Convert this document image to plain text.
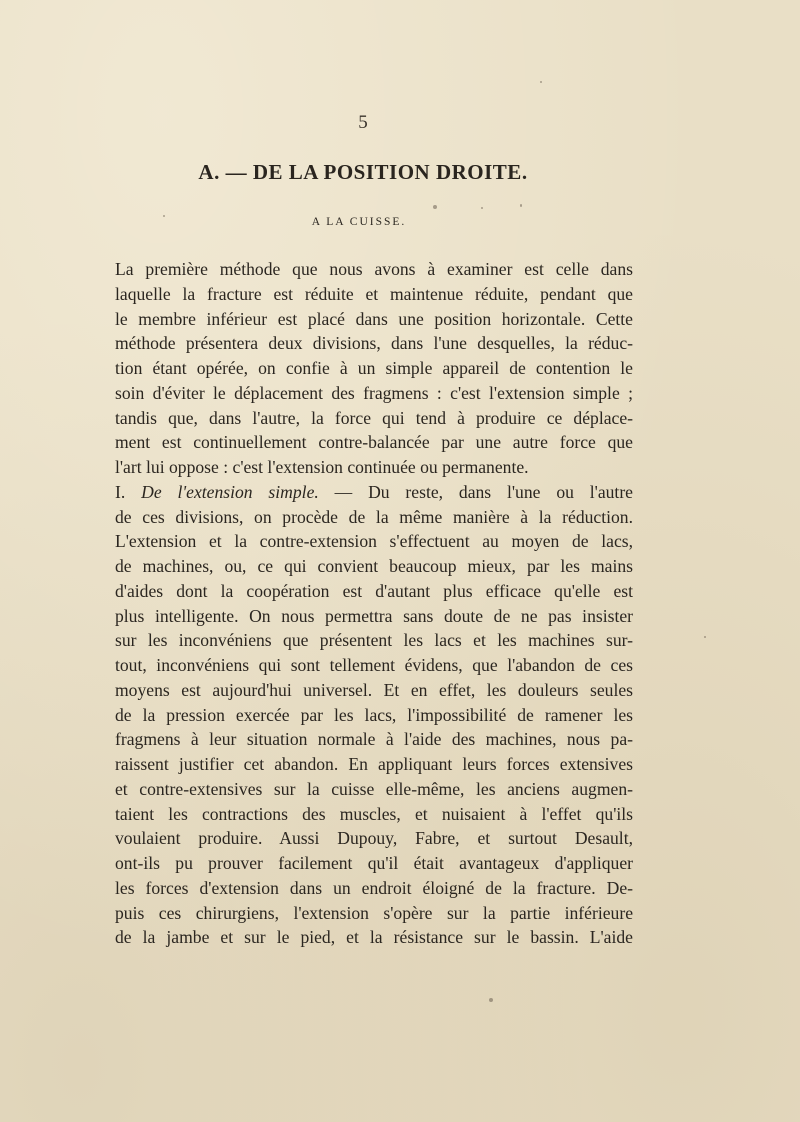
5
A. — DE LA POSITION DROITE.
A LA CUISSE.
La première méthode que nous avons à examiner est celle dans
laquelle la fracture est réduite et maintenue réduite, pendant que
le membre inférieur est placé dans une position horizontale. Cette
méthode présentera deux divisions, dans l'une desquelles, la réduc-
tion étant opérée, on confie à un simple appareil de contention le
soin d'éviter le déplacement des fragmens : c'est l'extension simple ;
tandis que, dans l'autre, la force qui tend à produire ce déplace-
ment est continuellement contre-balancée par une autre force que
l'art lui oppose : c'est l'extension continuée ou permanente.
I. De l'extension simple. — Du reste, dans l'une ou l'autre
de ces divisions, on procède de la même manière à la réduction.
L'extension et la contre-extension s'effectuent au moyen de lacs,
de machines, ou, ce qui convient beaucoup mieux, par les mains
d'aides dont la coopération est d'autant plus efficace qu'elle est
plus intelligente. On nous permettra sans doute de ne pas insister
sur les inconvéniens que présentent les lacs et les machines sur-
tout, inconvéniens qui sont tellement évidens, que l'abandon de ces
moyens est aujourd'hui universel. Et en effet, les douleurs seules
de la pression exercée par les lacs, l'impossibilité de ramener les
fragmens à leur situation normale à l'aide des machines, nous pa-
raissent justifier cet abandon. En appliquant leurs forces extensives
et contre-extensives sur la cuisse elle-même, les anciens augmen-
taient les contractions des muscles, et nuisaient à l'effet qu'ils
voulaient produire. Aussi Dupouy, Fabre, et surtout Desault,
ont-ils pu prouver facilement qu'il était avantageux d'appliquer
les forces d'extension dans un endroit éloigné de la fracture. De-
puis ces chirurgiens, l'extension s'opère sur la partie inférieure
de la jambe et sur le pied, et la résistance sur le bassin. L'aide
